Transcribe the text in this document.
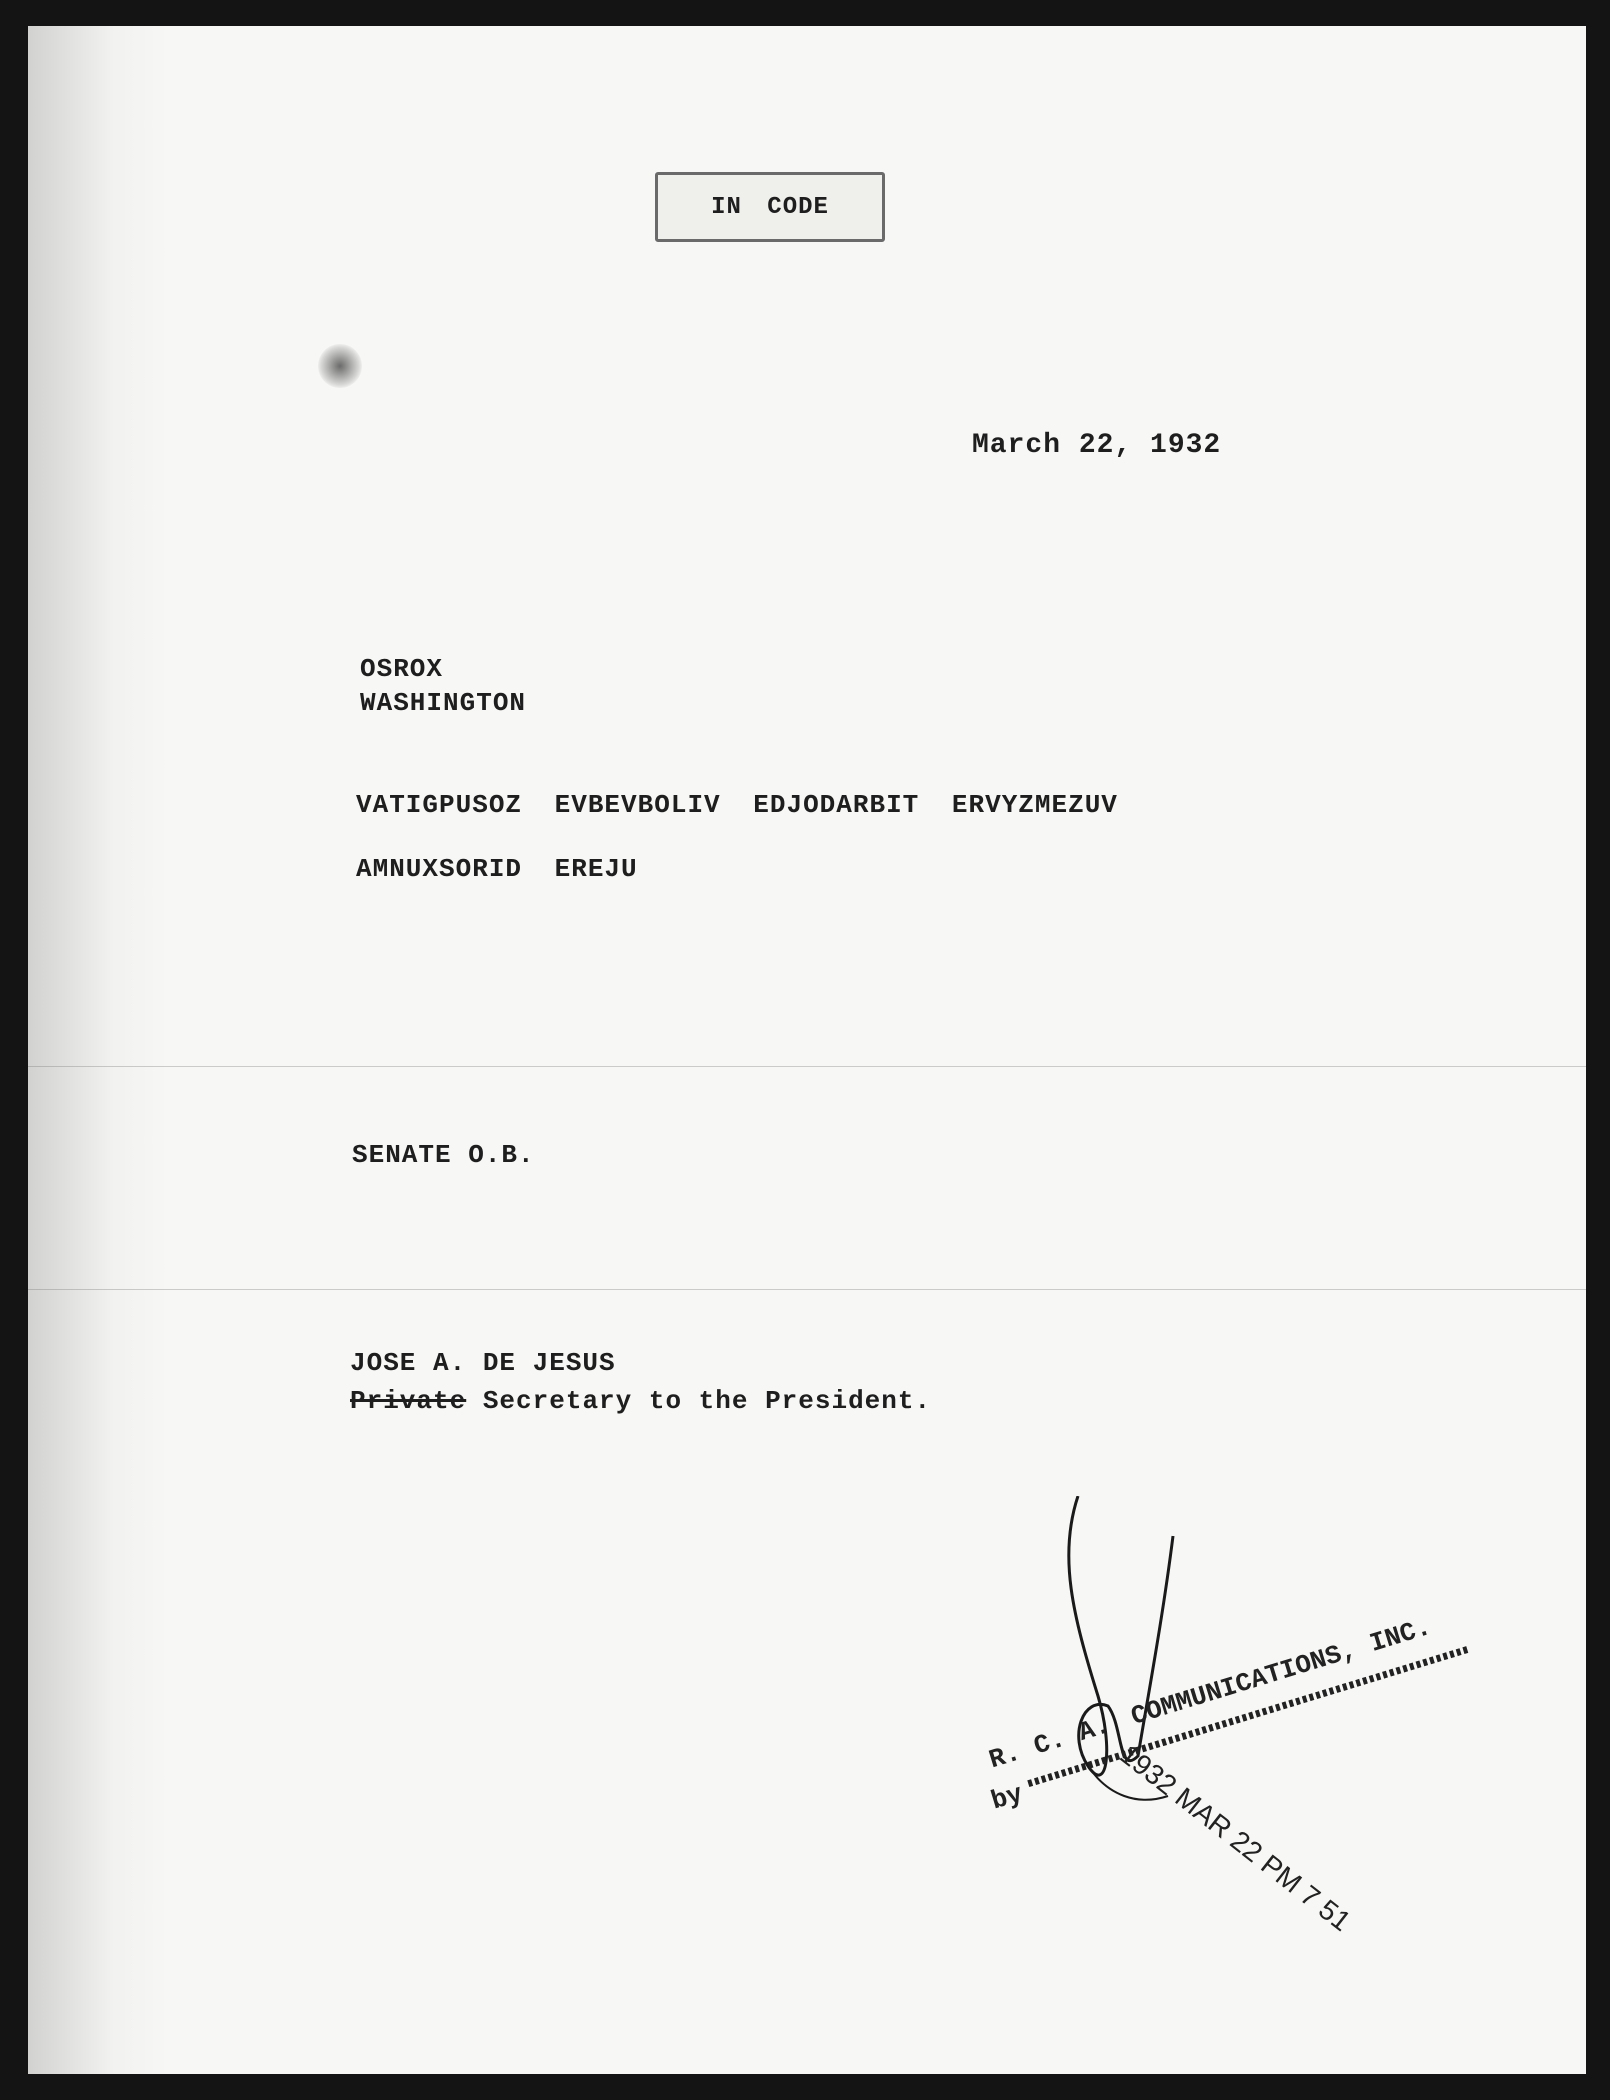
IN CODE
March 22, 1932
OSROX
WASHINGTON
VATIGPUSOZ EVBEVBOLIV EDJODARBIT ERVYZMEZUV
AMNUXSORID EREJU
SENATE O.B.
JOSE A. DE JESUS
Private Secretary to the President.
R. C. A. COMMUNICATIONS, INC.
by	1932 MAR 22 PM 7 51
